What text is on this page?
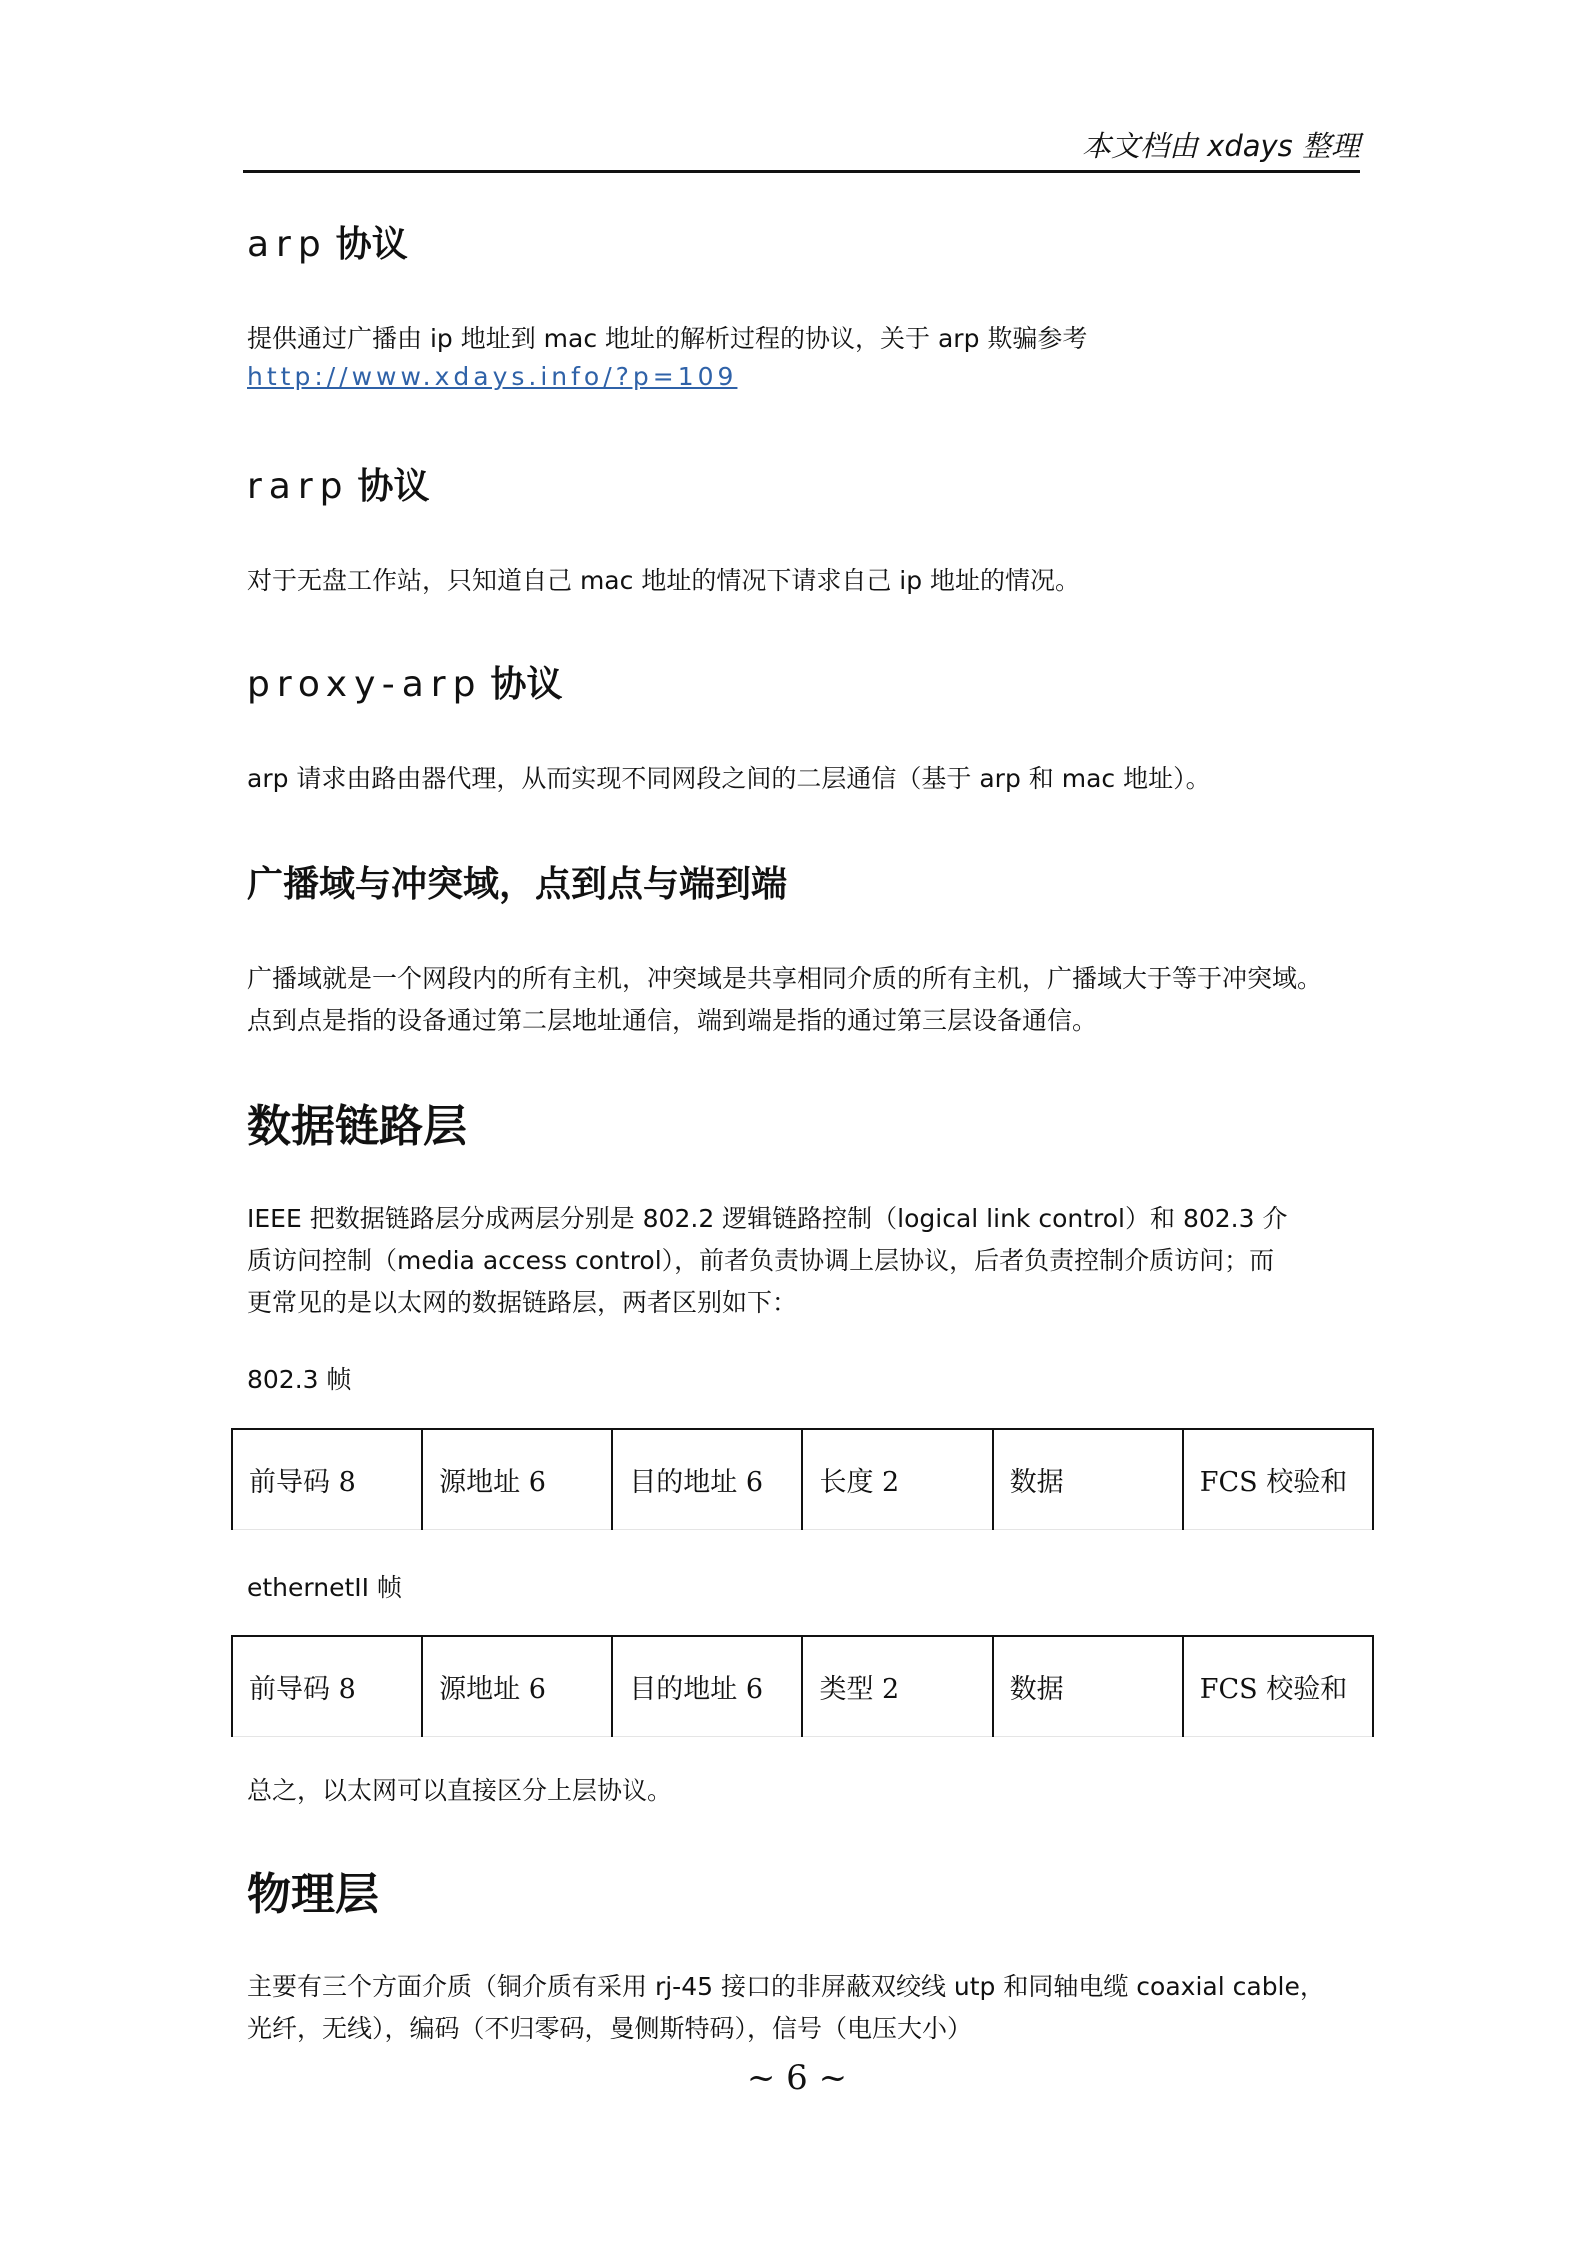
本文档由 xdays 整理
arp 协议

提供通过广播由 ip 地址到 mac 地址的解析过程的协议，关于 arp 欺骗参考

http://www.xdays.info/?p=109
rarp 协议

对于无盘工作站，只知道自己 mac 地址的情况下请求自己 ip 地址的情况。

proxy-arp 协议

arp 请求由路由器代理，从而实现不同网段之间的二层通信（基于 arp 和 mac 地址）。

广播域与冲突域，点到点与端到端

广播域就是一个网段内的所有主机，冲突域是共享相同介质的所有主机，广播域大于等于冲突域。

点到点是指的设备通过第二层地址通信，端到端是指的通过第三层设备通信。

数据链路层

IEEE 把数据链路层分成两层分别是 802.2 逻辑链路控制（logical link control）和 802.3 介

质访问控制（media access control），前者负责协调上层协议，后者负责控制介质访问；而

更常见的是以太网的数据链路层，两者区别如下：

802.3 帧
前导码 8	源地址 6	目的地址 6	长度 2	数据	FCS 校验和
ethernetII 帧
前导码 8	源地址 6	目的地址 6	类型 2	数据	FCS 校验和

总之，以太网可以直接区分上层协议。

物理层

主要有三个方面介质（铜介质有采用 rj-45 接口的非屏蔽双绞线 utp 和同轴电缆 coaxial cable，

光纤，无线），编码（不归零码，曼侧斯特码），信号（电压大小）

~ 6 ~
